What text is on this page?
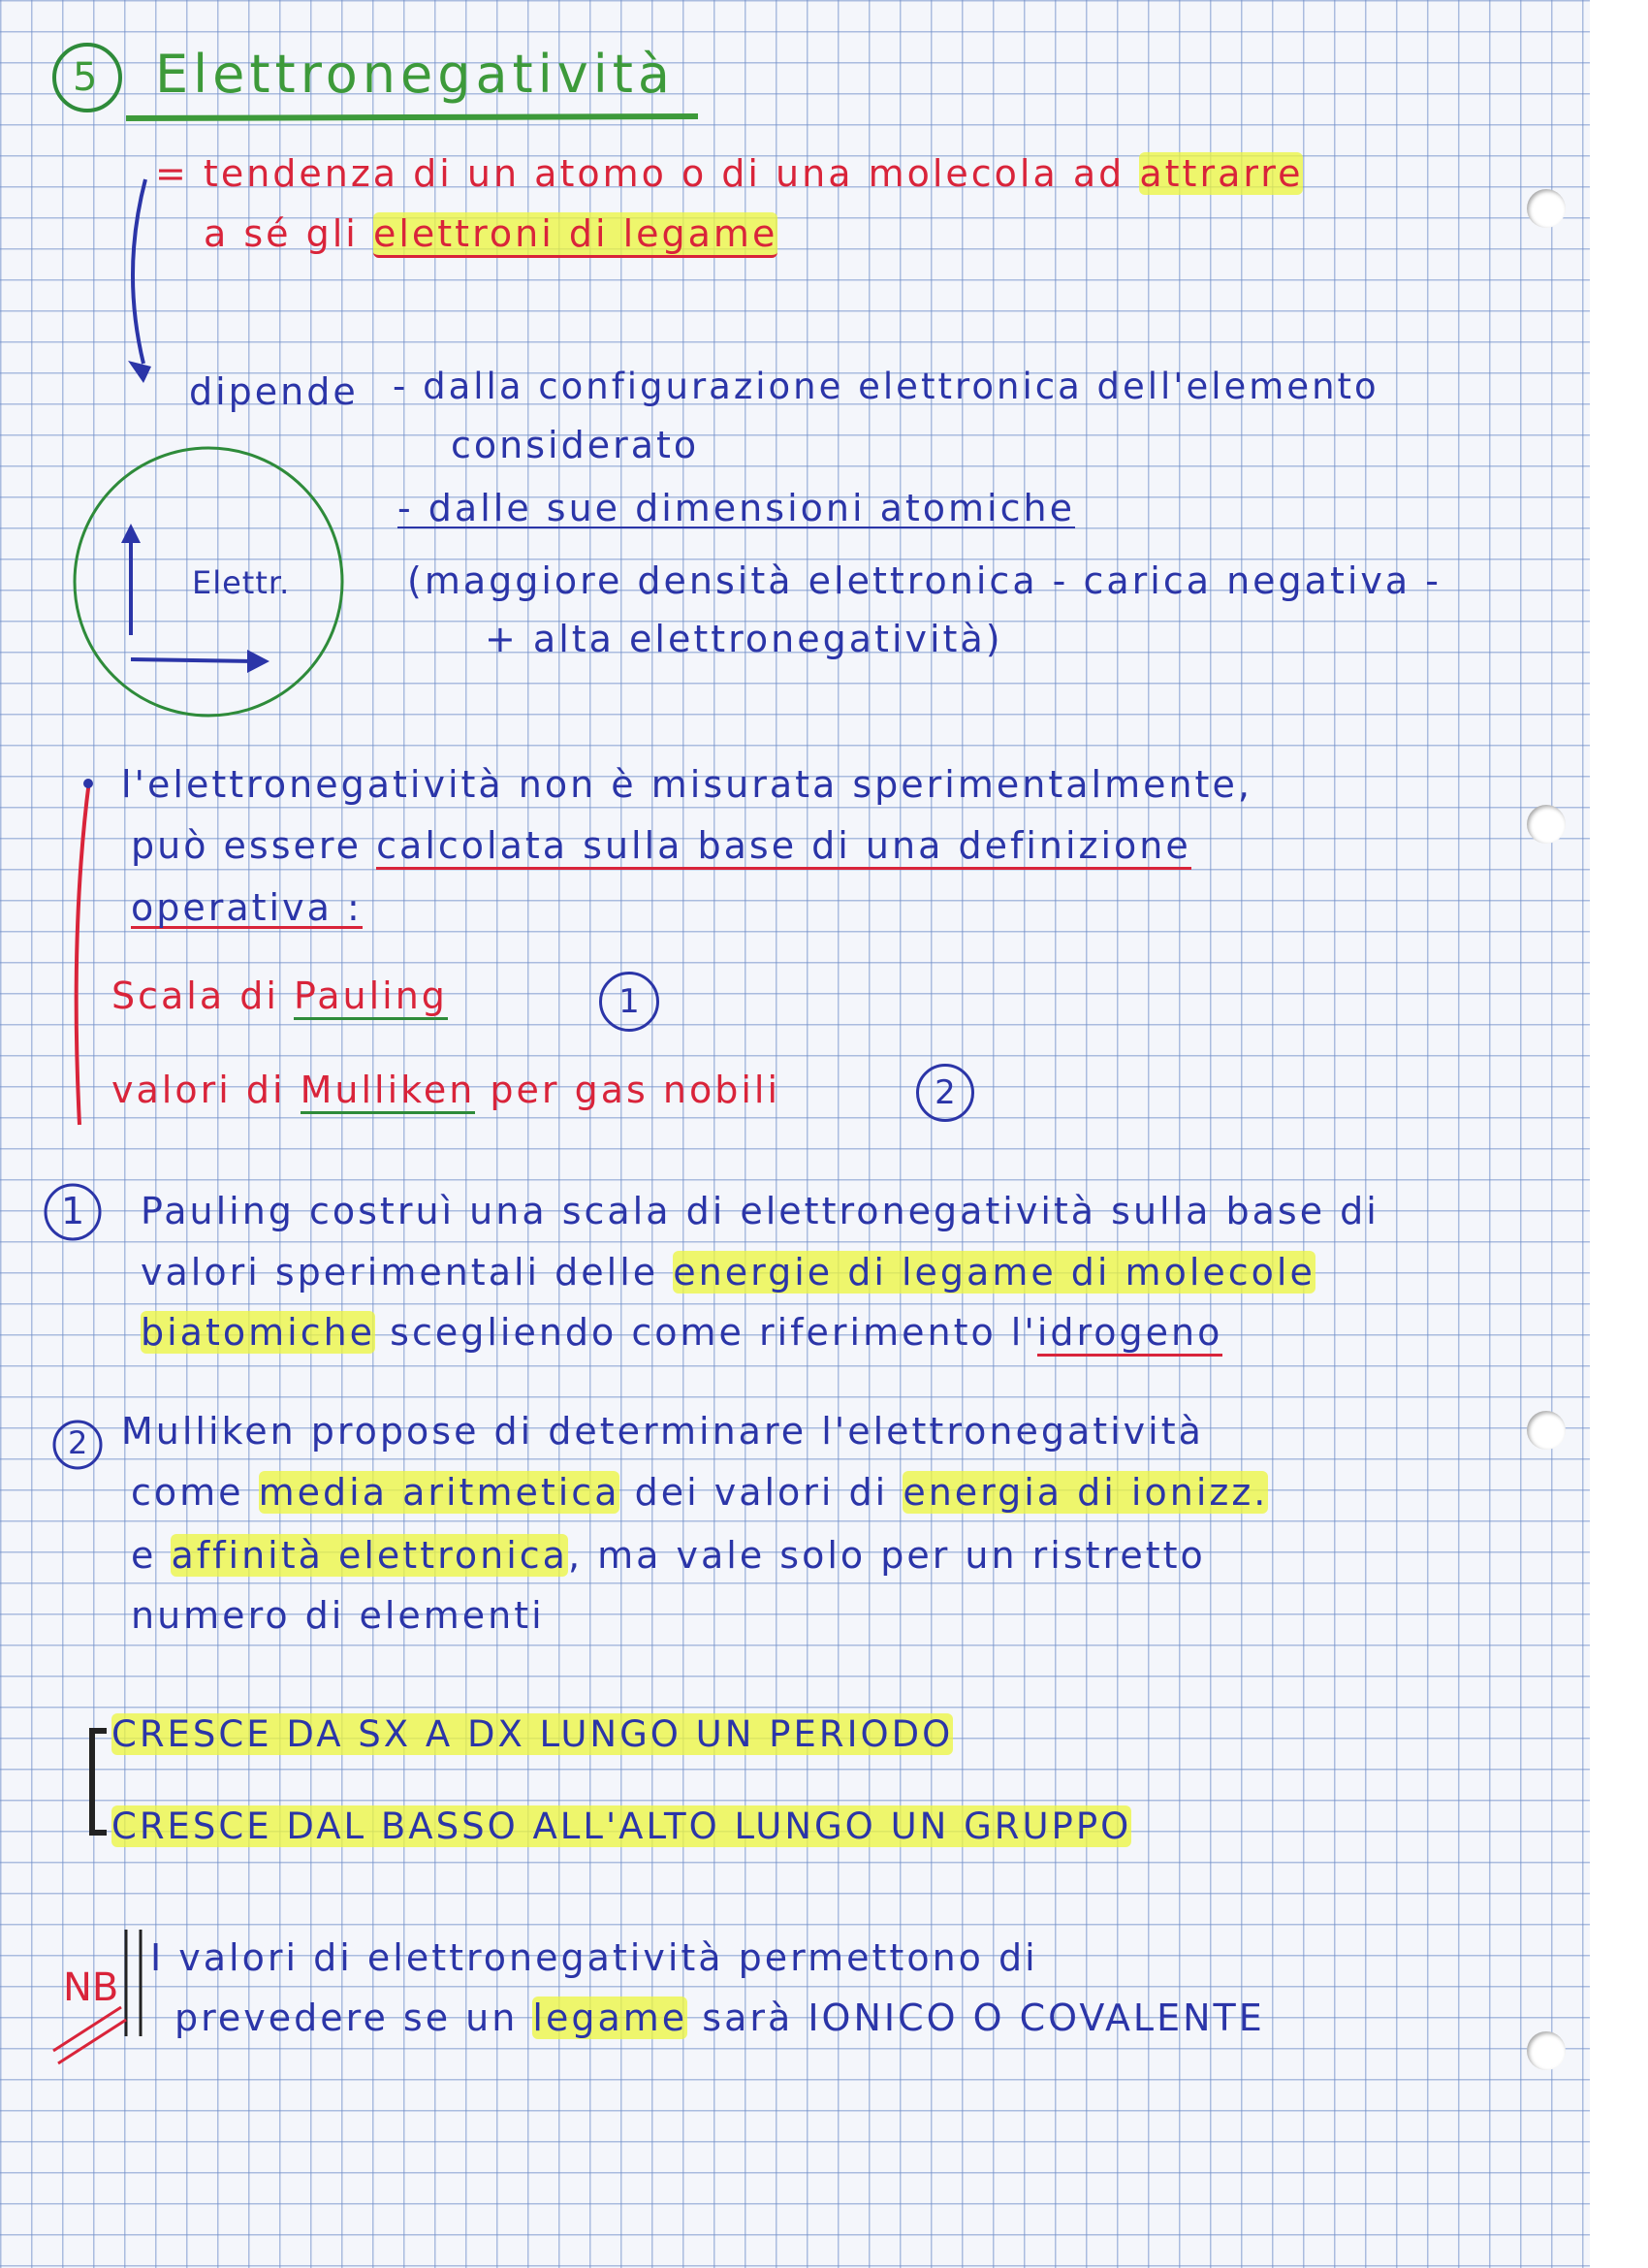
5 Elettronegatività
= tendenza di un atomo o di una molecola ad attrarre
a sé gli elettroni di legame
dipende - dalla configurazione elettronica dell'elemento
considerato
- dalle sue dimensioni atomiche
(maggiore densità elettronica - carica negativa -
+ alta elettronegatività)
Elettr.
l'elettronegatività non è misurata sperimentalmente,
può essere calcolata sulla base di una definizione
operativa :
Scala di Pauling	1
valori di Mulliken per gas nobili	2
1 Pauling costruì una scala di elettronegatività sulla base di
valori sperimentali delle energie di legame di molecole
biatomiche scegliendo come riferimento l'idrogeno
2 Mulliken propose di determinare l'elettronegatività
come media aritmetica dei valori di energia di ionizz.
e affinità elettronica, ma vale solo per un ristretto
numero di elementi
CRESCE DA SX A DX LUNGO UN PERIODO
CRESCE DAL BASSO ALL'ALTO LUNGO UN GRUPPO
NB
I valori di elettronegatività permettono di
prevedere se un legame sarà IONICO O COVALENTE
